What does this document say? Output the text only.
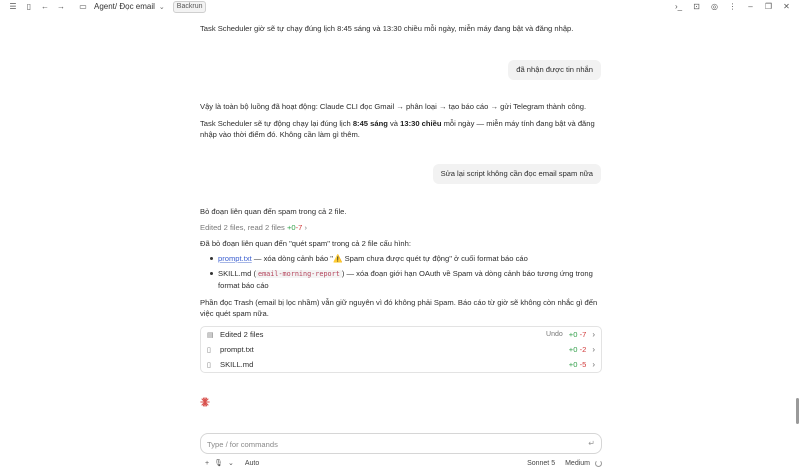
☰	▯	←	→	▭ Agent/ Đọc email ⌄	Backrun	›_	⊡	◎	⋮	–	❐	✕
Task Scheduler giờ sẽ tự chạy đúng lịch 8:45 sáng và 13:30 chiều mỗi ngày, miễn máy đang bật và đăng nhập.
đã nhận được tin nhắn
Vậy là toàn bộ luồng đã hoạt động: Claude CLI đọc Gmail → phân loại → tạo báo cáo → gửi Telegram thành công.
Task Scheduler sẽ tự động chạy lại đúng lịch 8:45 sáng và 13:30 chiều mỗi ngày — miễn máy tính đang bật và đăng nhập vào thời điểm đó. Không cần làm gì thêm.
Sửa lại script không cần đọc email spam nữa
Bỏ đoạn liên quan đến spam trong cả 2 file.
Edited 2 files, read 2 files +0-7 ›
Đã bỏ đoạn liên quan đến "quét spam" trong cả 2 file cấu hình:
prompt.txt — xóa dòng cảnh báo "⚠️ Spam chưa được quét tự động" ở cuối format báo cáo
SKILL.md ( email-morning-report ) — xóa đoạn giới hạn OAuth về Spam và dòng cảnh báo tương ứng trong format báo cáo
Phần đọc Trash (email bị lọc nhầm) vẫn giữ nguyên vì đó không phải Spam. Báo cáo từ giờ sẽ không còn nhắc gì đến việc quét spam nữa.
▤ Edited 2 files	Undo +0 -7 ›
▯	prompt.txt	+0 -2 ›
▯	SKILL.md	+0 -5 ›
Type / for commands
↵
+ 🎙 ⌄ Auto	Sonnet 5 Medium
